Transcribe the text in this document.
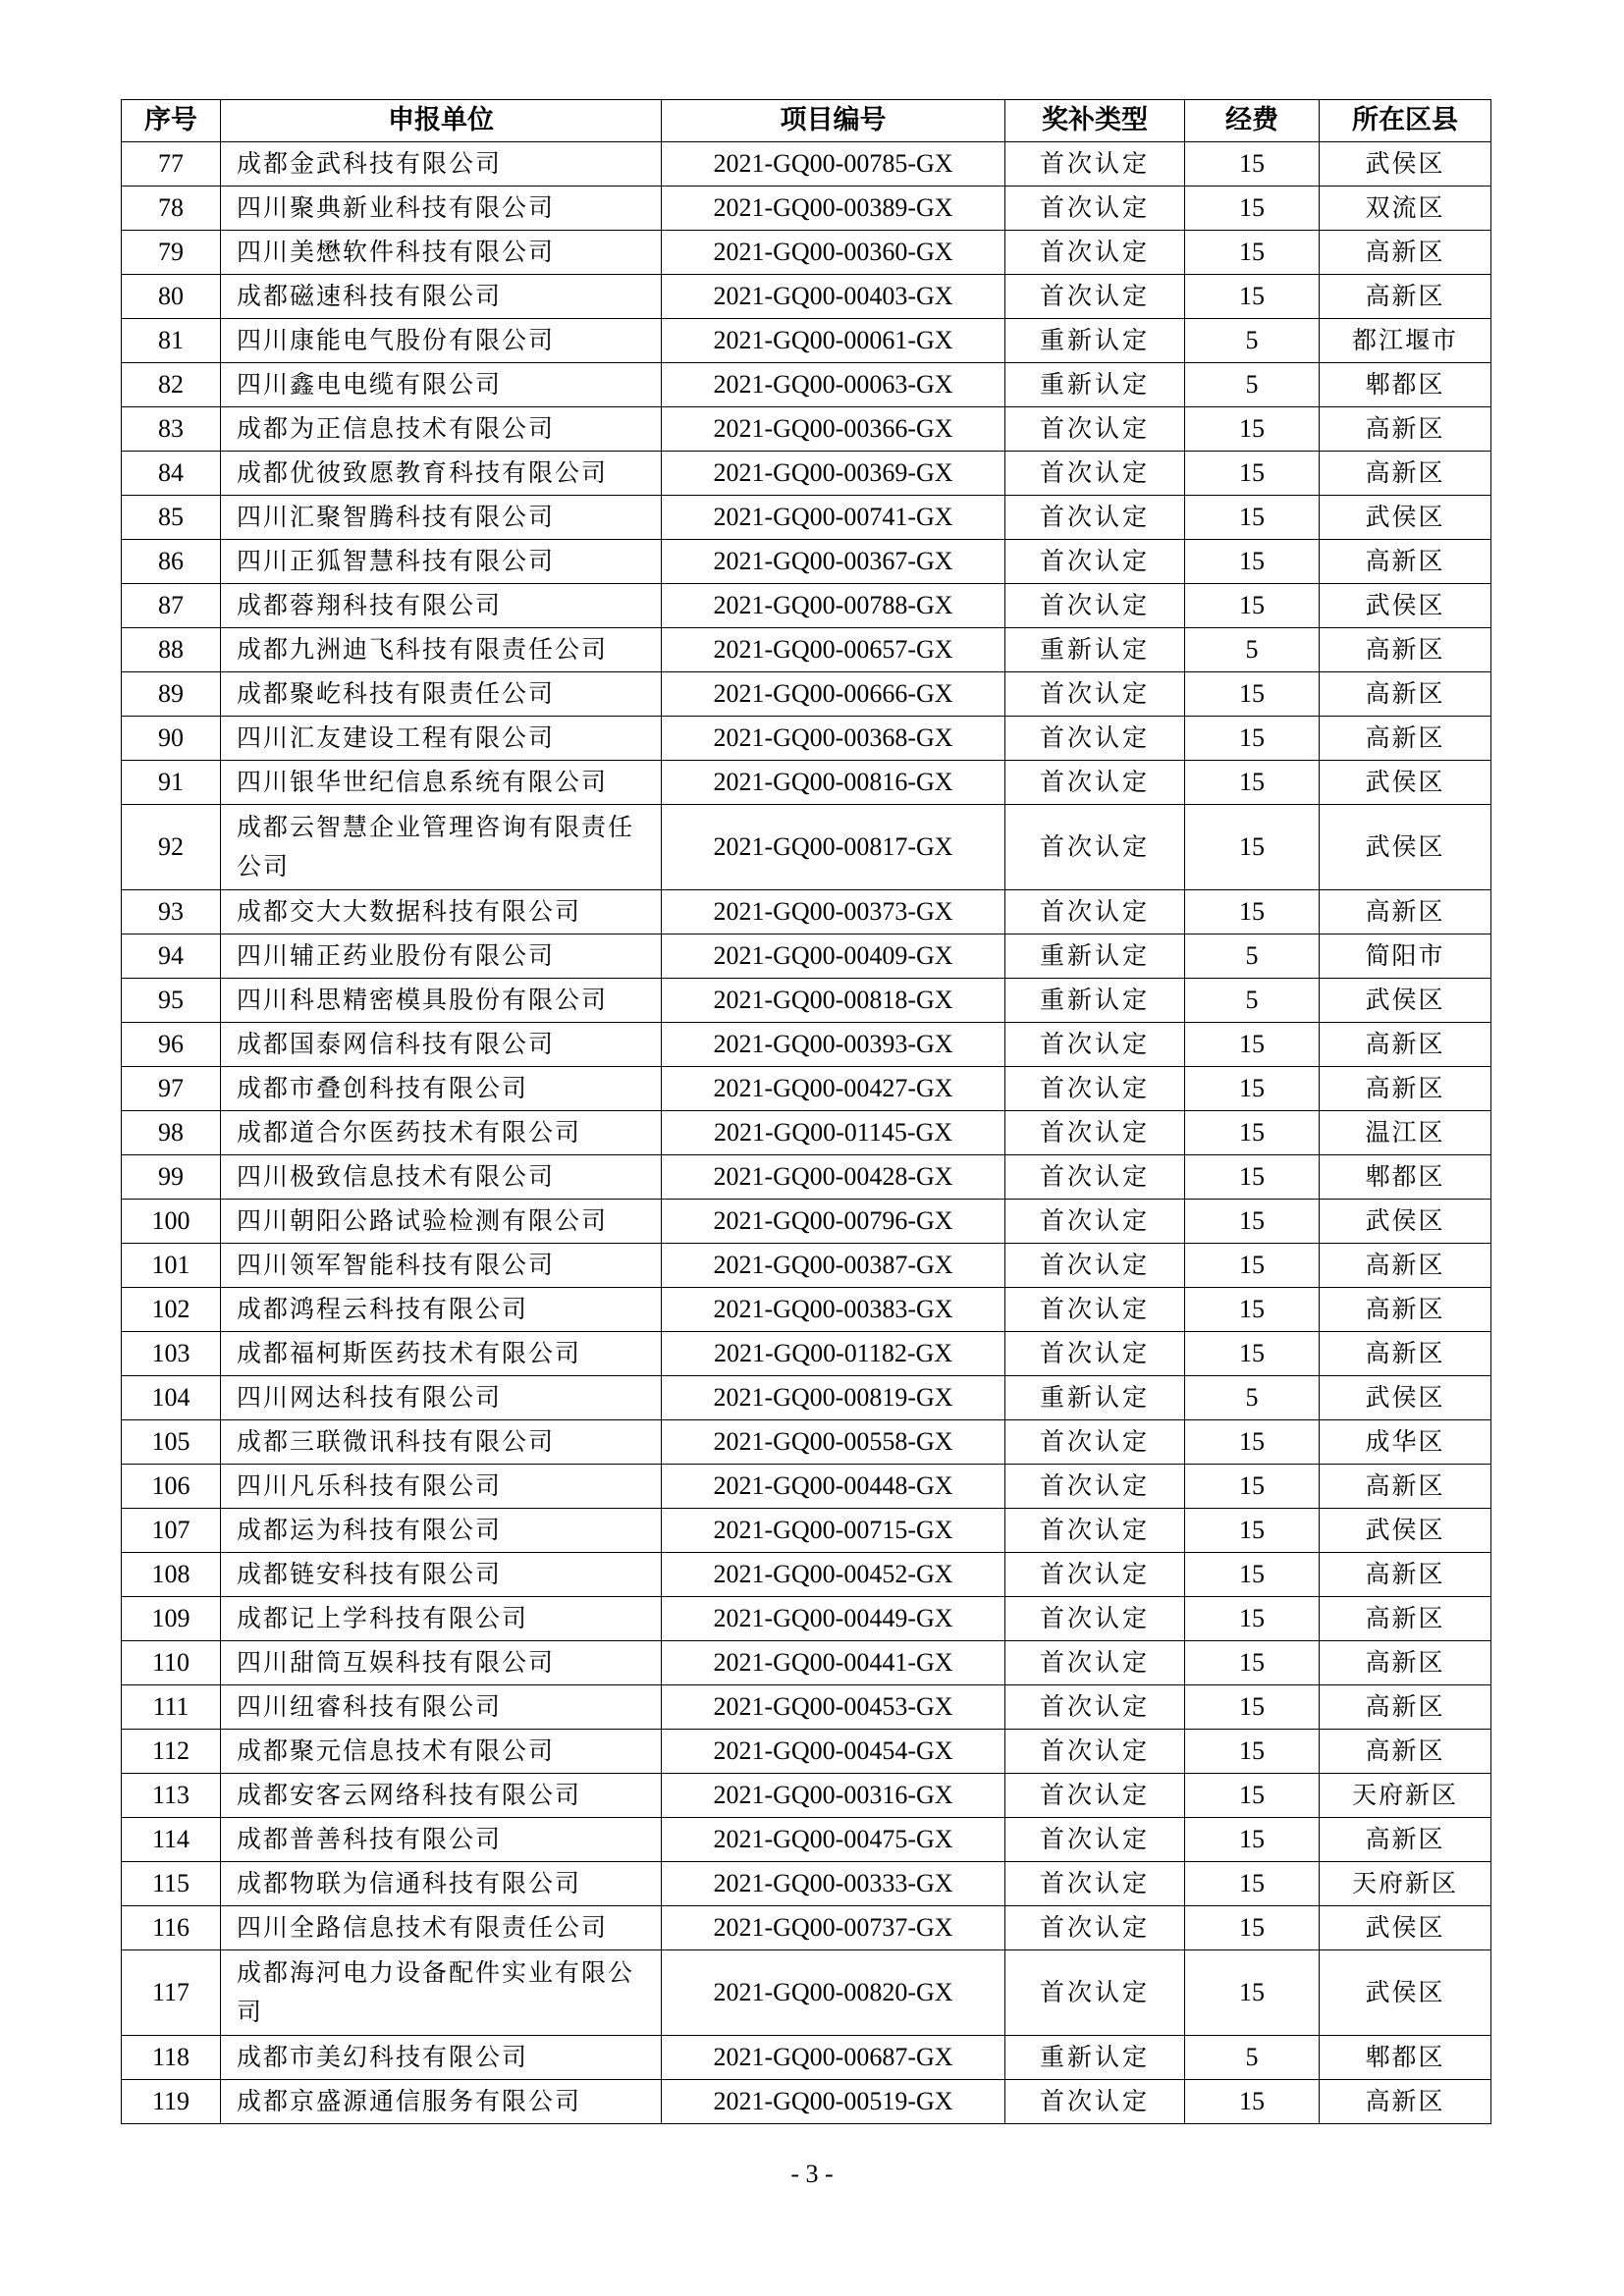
序号	申报单位	项目编号	奖补类型	经费	所在区县
77	成都金武科技有限公司	2021-GQ00-00785-GX	首次认定	15	武侯区
78	四川聚典新业科技有限公司	2021-GQ00-00389-GX	首次认定	15	双流区
79	四川美懋软件科技有限公司	2021-GQ00-00360-GX	首次认定	15	高新区
80	成都磁速科技有限公司	2021-GQ00-00403-GX	首次认定	15	高新区
81	四川康能电气股份有限公司	2021-GQ00-00061-GX	重新认定	5	都江堰市
82	四川鑫电电缆有限公司	2021-GQ00-00063-GX	重新认定	5	郫都区
83	成都为正信息技术有限公司	2021-GQ00-00366-GX	首次认定	15	高新区
84	成都优彼致愿教育科技有限公司	2021-GQ00-00369-GX	首次认定	15	高新区
85	四川汇聚智腾科技有限公司	2021-GQ00-00741-GX	首次认定	15	武侯区
86	四川正狐智慧科技有限公司	2021-GQ00-00367-GX	首次认定	15	高新区
87	成都蓉翔科技有限公司	2021-GQ00-00788-GX	首次认定	15	武侯区
88	成都九洲迪飞科技有限责任公司	2021-GQ00-00657-GX	重新认定	5	高新区
89	成都聚屹科技有限责任公司	2021-GQ00-00666-GX	首次认定	15	高新区
90	四川汇友建设工程有限公司	2021-GQ00-00368-GX	首次认定	15	高新区
91	四川银华世纪信息系统有限公司	2021-GQ00-00816-GX	首次认定	15	武侯区
92	成都云智慧企业管理咨询有限责任公司	2021-GQ00-00817-GX	首次认定	15	武侯区
93	成都交大大数据科技有限公司	2021-GQ00-00373-GX	首次认定	15	高新区
94	四川辅正药业股份有限公司	2021-GQ00-00409-GX	重新认定	5	简阳市
95	四川科思精密模具股份有限公司	2021-GQ00-00818-GX	重新认定	5	武侯区
96	成都国泰网信科技有限公司	2021-GQ00-00393-GX	首次认定	15	高新区
97	成都市叠创科技有限公司	2021-GQ00-00427-GX	首次认定	15	高新区
98	成都道合尔医药技术有限公司	2021-GQ00-01145-GX	首次认定	15	温江区
99	四川极致信息技术有限公司	2021-GQ00-00428-GX	首次认定	15	郫都区
100	四川朝阳公路试验检测有限公司	2021-GQ00-00796-GX	首次认定	15	武侯区
101	四川领军智能科技有限公司	2021-GQ00-00387-GX	首次认定	15	高新区
102	成都鸿程云科技有限公司	2021-GQ00-00383-GX	首次认定	15	高新区
103	成都福柯斯医药技术有限公司	2021-GQ00-01182-GX	首次认定	15	高新区
104	四川网达科技有限公司	2021-GQ00-00819-GX	重新认定	5	武侯区
105	成都三联微讯科技有限公司	2021-GQ00-00558-GX	首次认定	15	成华区
106	四川凡乐科技有限公司	2021-GQ00-00448-GX	首次认定	15	高新区
107	成都运为科技有限公司	2021-GQ00-00715-GX	首次认定	15	武侯区
108	成都链安科技有限公司	2021-GQ00-00452-GX	首次认定	15	高新区
109	成都记上学科技有限公司	2021-GQ00-00449-GX	首次认定	15	高新区
110	四川甜筒互娱科技有限公司	2021-GQ00-00441-GX	首次认定	15	高新区
111	四川纽睿科技有限公司	2021-GQ00-00453-GX	首次认定	15	高新区
112	成都聚元信息技术有限公司	2021-GQ00-00454-GX	首次认定	15	高新区
113	成都安客云网络科技有限公司	2021-GQ00-00316-GX	首次认定	15	天府新区
114	成都普善科技有限公司	2021-GQ00-00475-GX	首次认定	15	高新区
115	成都物联为信通科技有限公司	2021-GQ00-00333-GX	首次认定	15	天府新区
116	四川全路信息技术有限责任公司	2021-GQ00-00737-GX	首次认定	15	武侯区
117	成都海河电力设备配件实业有限公司	2021-GQ00-00820-GX	首次认定	15	武侯区
118	成都市美幻科技有限公司	2021-GQ00-00687-GX	重新认定	5	郫都区
119	成都京盛源通信服务有限公司	2021-GQ00-00519-GX	首次认定	15	高新区
- 3 -
